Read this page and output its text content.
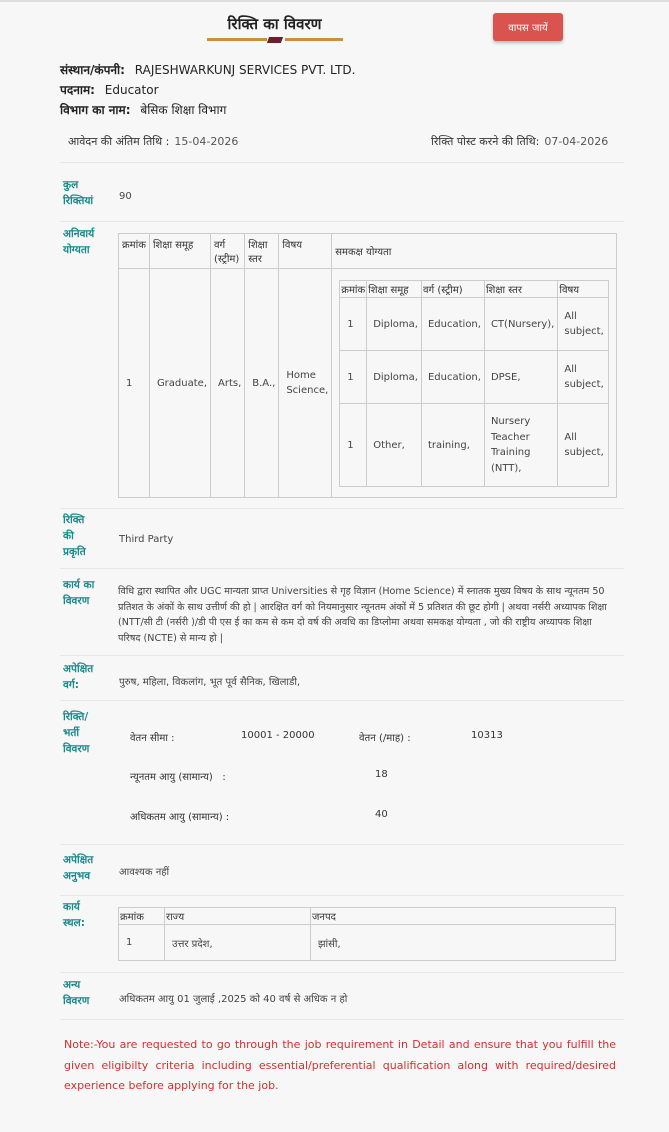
रिक्ति का विवरण	वापस जायें
संस्थान/कंपनी: RAJESHWARKUNJ SERVICES PVT. LTD.
पदनाम: Educator
विभाग का नाम: बेसिक शिक्षा विभाग
आवेदन की अंतिम तिथि : 15-04-2026	रिक्ति पोस्ट करने की तिथि: 07-04-2026
कुल रिक्तियां	90
अनिवार्य योग्यता	क्रमांक	शिक्षा समूह	वर्ग (स्ट्रीम)	शिक्षा स्तर	विषय	समकक्ष योग्यता
1	Graduate,	Arts,	B.A.,	Home Science,	
क्रमांक	शिक्षा समूह	वर्ग (स्ट्रीम)	शिक्षा स्तर	विषय
1	Diploma,	Education,	CT(Nursery),	All subject,
1	Diploma,	Education,	DPSE,	All subject,
1	Other,	training,	Nursery Teacher Training (NTT),	All subject,
रिक्ति की प्रकृति
Third Party
कार्य का विवरण
विधि द्वारा स्थापित और UGC मान्यता प्राप्त Universities से गृह विज्ञान (Home Science) में स्नातक मुख्य विषय के साथ न्यूनतम 50 प्रतिशत के अंकों के साथ उत्तीर्ण की हो | आरक्षित वर्ग को नियमानुसार न्यूनतम अंकों में 5 प्रतिशत की छूट होगी | अथवा नर्सरी अध्यापक शिक्षा (NTT/सी टी (नर्सरी )/डी पी एस ई का कम से कम दो वर्ष की अवधि का डिप्लोमा अथवा समकक्ष योग्यता , जो की राष्ट्रीय अध्यापक शिक्षा परिषद (NCTE) से मान्य हो |
अपेक्षित वर्ग:	पुरुष, महिला, विकलांग, भूत पूर्व सैनिक, खिलाडी,
रिक्ति/भर्ती विवरण
वेतन सीमा :	10001 - 20000	वेतन (/माह) :	10313
न्यूनतम आयु (सामान्य)   :	18
अधिकतम आयु (सामान्य) :	40
अपेक्षित अनुभव	आवश्यक नहीं
कार्य स्थल:	क्रमांक	राज्य	जनपद
1	उत्तर प्रदेश,	झांसी,
अन्य विवरण	अधिकतम आयु 01 जुलाई ,2025 को 40 वर्ष से अधिक न हो
Note:-You are requested to go through the job requirement in Detail and ensure that you fulfill the given eligibilty criteria including essential/preferential qualification along with required/desired experience before applying for the job.
